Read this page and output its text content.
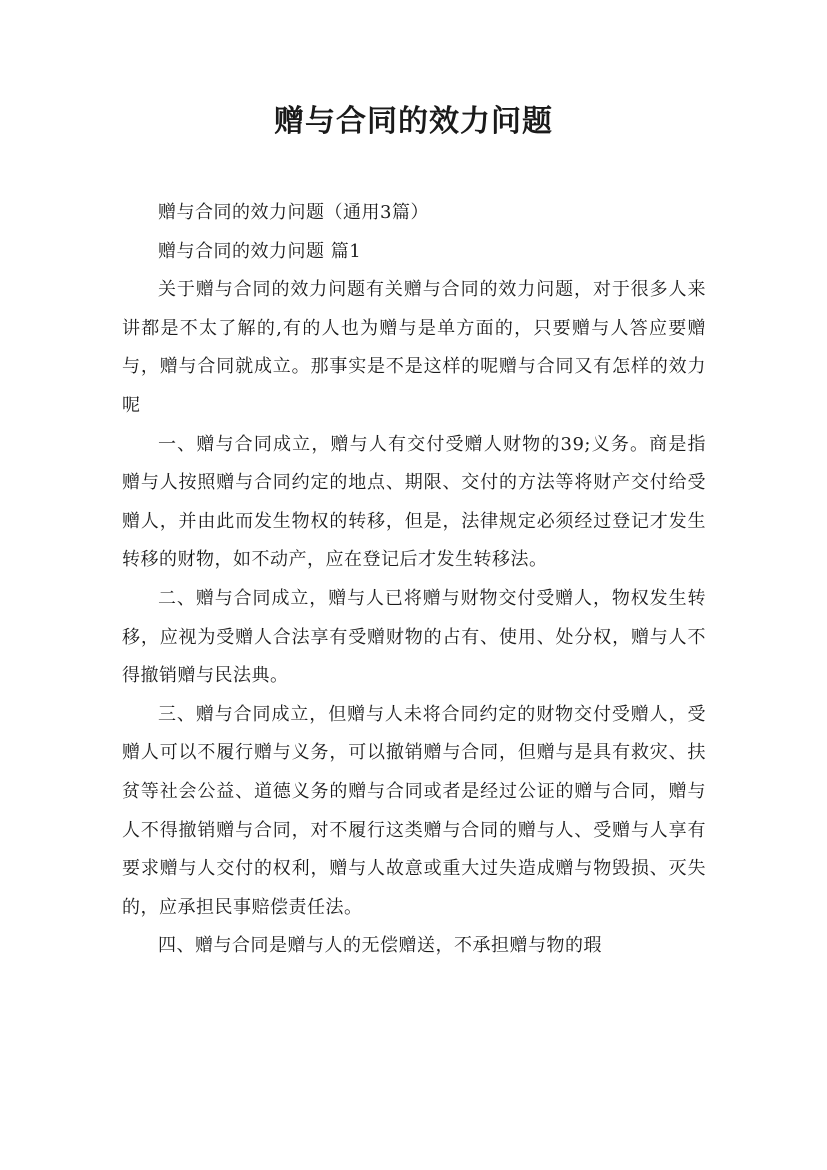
赠与合同的效力问题

赠与合同的效力问题（通用3篇）

赠与合同的效力问题 篇1

关于赠与合同的效力问题有关赠与合同的效力问题，对于很多人来讲都是不太了解的,有的人也为赠与是单方面的，只要赠与人答应要赠与，赠与合同就成立。那事实是不是这样的呢赠与合同又有怎样的效力呢

一、赠与合同成立，赠与人有交付受赠人财物的39;义务。商是指赠与人按照赠与合同约定的地点、期限、交付的方法等将财产交付给受赠人，并由此而发生物权的转移，但是，法律规定必须经过登记才发生转移的财物，如不动产，应在登记后才发生转移法。

二、赠与合同成立，赠与人已将赠与财物交付受赠人，物权发生转移，应视为受赠人合法享有受赠财物的占有、使用、处分权，赠与人不得撤销赠与民法典。

三、赠与合同成立，但赠与人未将合同约定的财物交付受赠人，受赠人可以不履行赠与义务，可以撤销赠与合同，但赠与是具有救灾、扶贫等社会公益、道德义务的赠与合同或者是经过公证的赠与合同，赠与人不得撤销赠与合同，对不履行这类赠与合同的赠与人、受赠与人享有要求赠与人交付的权利，赠与人故意或重大过失造成赠与物毁损、灭失的，应承担民事赔偿责任法。

四、赠与合同是赠与人的无偿赠送，不承担赠与物的瑕
